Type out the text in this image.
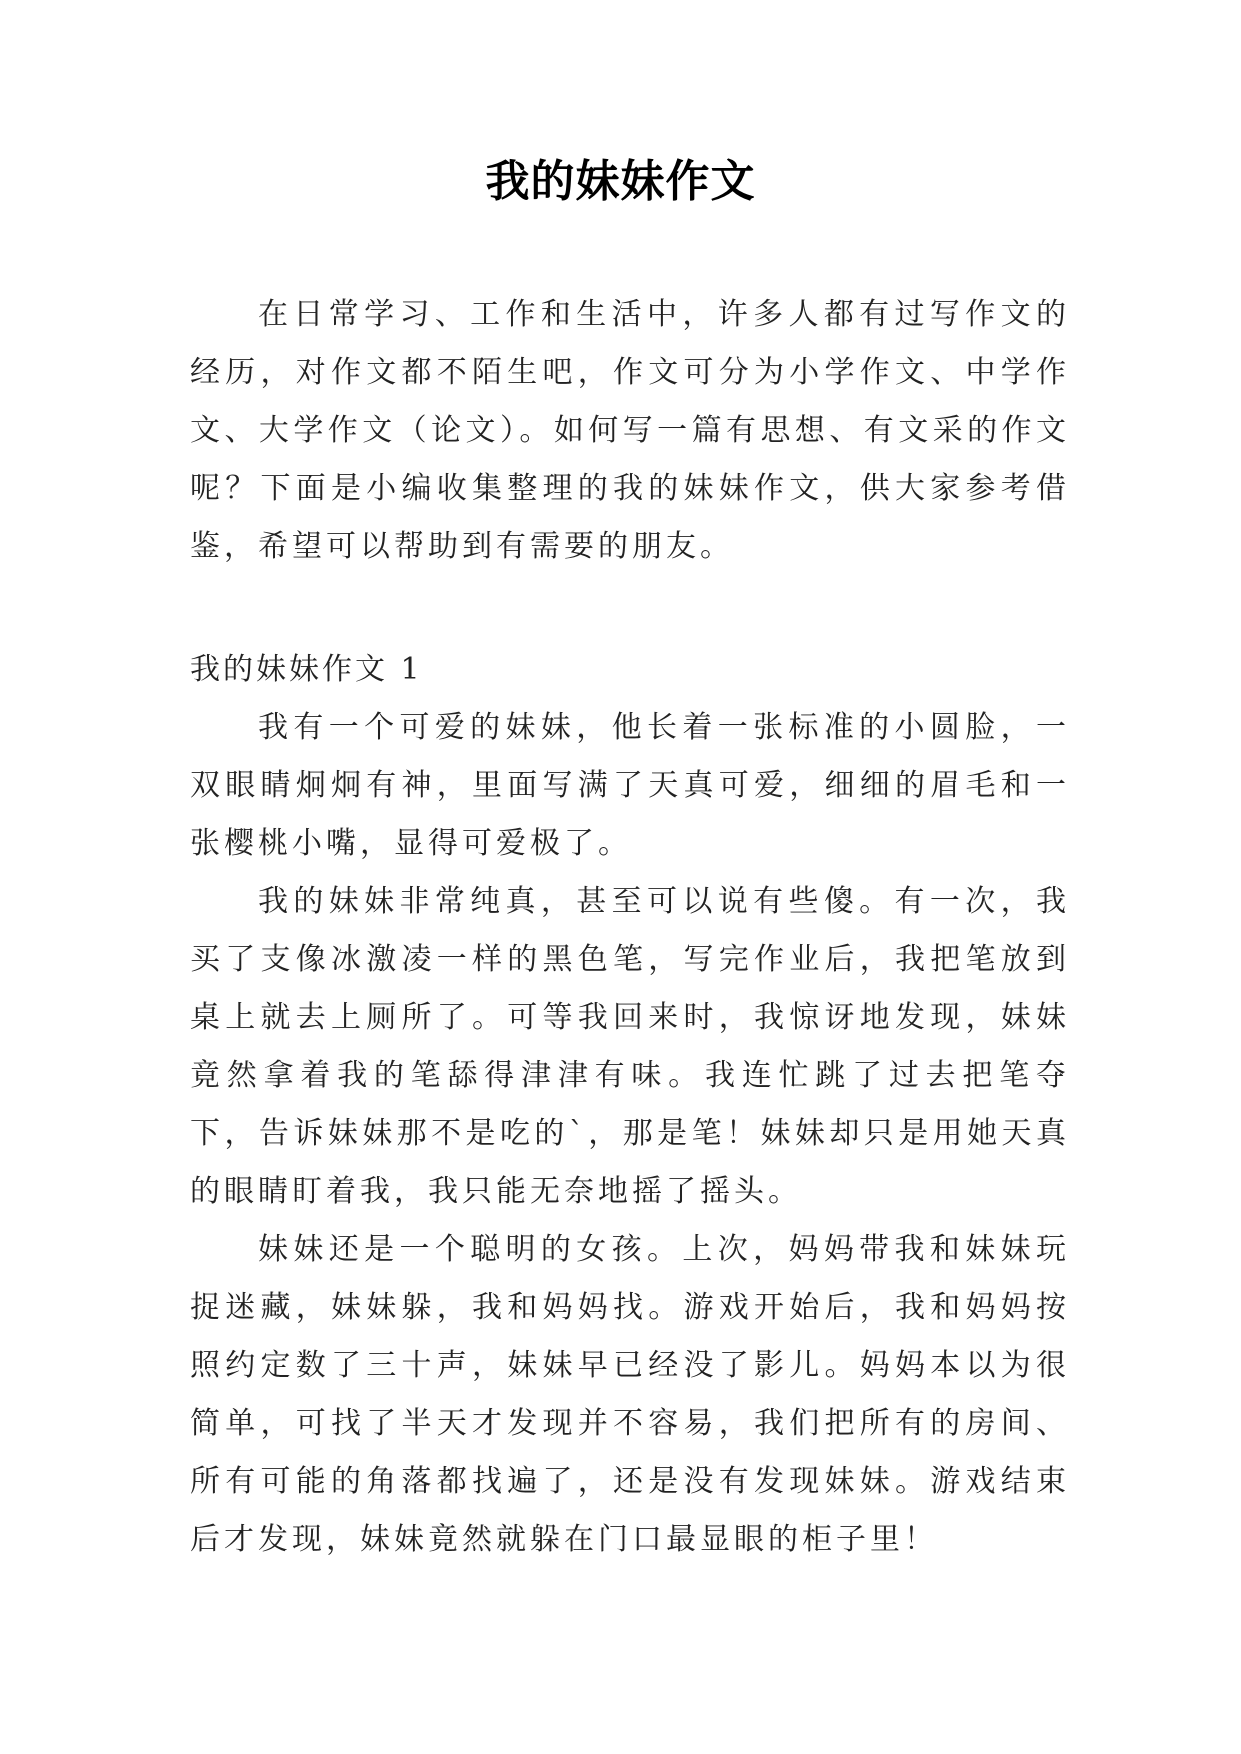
我的妹妹作文

在日常学习、工作和生活中，许多人都有过写作文的经历，对作文都不陌生吧，作文可分为小学作文、中学作文、大学作文（论文）。如何写一篇有思想、有文采的作文呢？下面是小编收集整理的我的妹妹作文，供大家参考借鉴，希望可以帮助到有需要的朋友。

我的妹妹作文 1

我有一个可爱的妹妹，他长着一张标准的小圆脸，一双眼睛炯炯有神，里面写满了天真可爱，细细的眉毛和一张樱桃小嘴，显得可爱极了。

我的妹妹非常纯真，甚至可以说有些傻。有一次，我买了支像冰激凌一样的黑色笔，写完作业后，我把笔放到桌上就去上厕所了。可等我回来时，我惊讶地发现，妹妹竟然拿着我的笔舔得津津有味。我连忙跳了过去把笔夺下，告诉妹妹那不是吃的`，那是笔！妹妹却只是用她天真的眼睛盯着我，我只能无奈地摇了摇头。

妹妹还是一个聪明的女孩。上次，妈妈带我和妹妹玩捉迷藏，妹妹躲，我和妈妈找。游戏开始后，我和妈妈按照约定数了三十声，妹妹早已经没了影儿。妈妈本以为很简单，可找了半天才发现并不容易，我们把所有的房间、所有可能的角落都找遍了，还是没有发现妹妹。游戏结束后才发现，妹妹竟然就躲在门口最显眼的柜子里！
